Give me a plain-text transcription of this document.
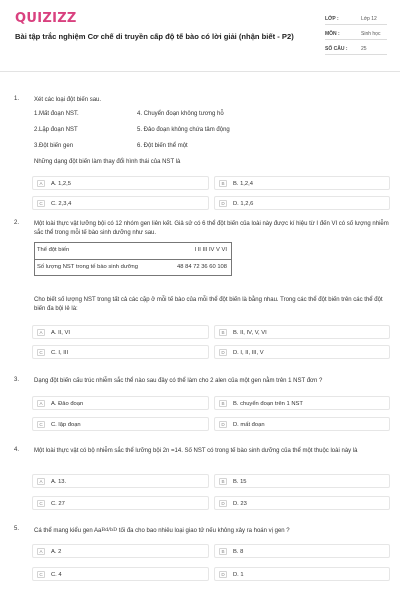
QUIZIZZ
Bài tập trắc nghiệm Cơ chế di truyền cấp độ tế bào có lời giải (nhận biết - P2)
LỚP :	Lớp 12
MÔN :	Sinh học
SỐ CÂU :	25
1. Xét các loại đột biến sau.
1.Mất đoạn NST.	4. Chuyển đoạn không tương hỗ
2.Lặp đoạn NST	5. Đảo đoạn không chứa tâm động
3.Đột biến gen	6. Đột biến thể một
Những dạng đột biến làm thay đổi hình thái của NST là
A	A. 1,2,5	B	B. 1,2,4
C	C. 2,3,4	D	D. 1,2,6
2. Một loài thực vật lưỡng bội có 12 nhóm gen liên kết. Giả sử có 6 thể đột biến của loài này được kí hiệu từ I đến VI có số lượng nhiễm sắc thể trong mỗi tế bào sinh dưỡng như sau.
Thể đột biến	I II III IV V VI
Số lượng NST trong tế bào sinh dưỡng	48 84 72 36 60 108
Cho biết số lượng NST trong tất cả các cặp ở mỗi tế bào của mỗi thể đột biến là bằng nhau. Trong các thể đột biến trên các thể đột biến đa bội lẻ là:
A	A. II, VI	B	B. II, IV, V, VI
C	C. I, III	D	D. I, II, III, V
3. Dạng đột biến cấu trúc nhiễm sắc thể nào sau đây có thể làm cho 2 alen của một gen nằm trên 1 NST đơn ?
A	A. Đảo đoạn	B	B. chuyển đoạn trên 1 NST
C	C. lặp đoạn	D	D. mất đoạn
4. Một loài thực vật có bộ nhiễm sắc thể lưỡng bội 2n =14. Số NST có trong tế bào sinh dưỡng của thể một thuộc loài này là
A	A. 13.	B	B. 15
C	C. 27	D	D. 23
5. Cá thể mang kiểu gen AaBd/bD tối đa cho bao nhiêu loại giao tử nếu không xảy ra hoán vị gen ?
A	A. 2	B	B. 8
C	C. 4	D	D. 1
